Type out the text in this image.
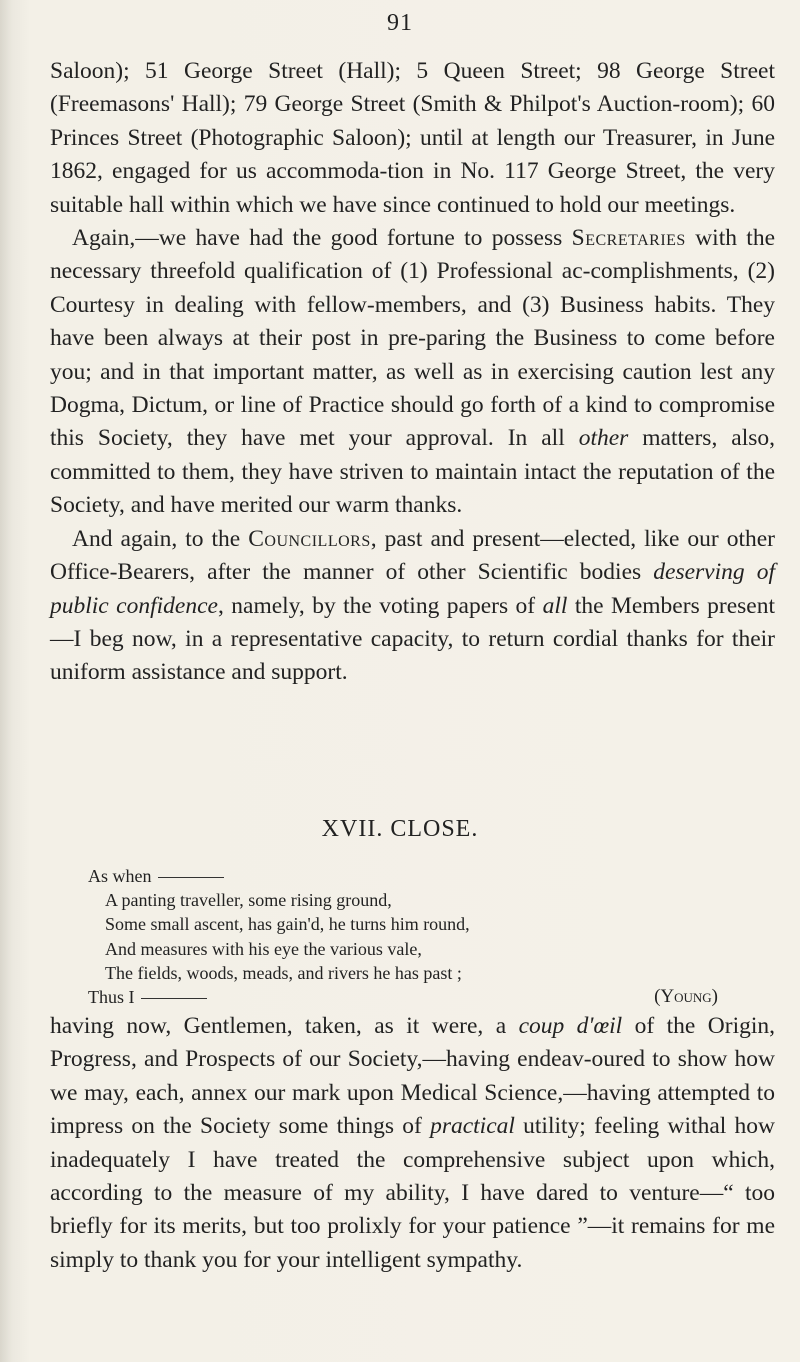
91

Saloon); 51 George Street (Hall); 5 Queen Street; 98 George Street (Freemasons' Hall); 79 George Street (Smith & Philpot's Auction-room); 60 Princes Street (Photographic Saloon); until at length our Treasurer, in June 1862, engaged for us accommoda-tion in No. 117 George Street, the very suitable hall within which we have since continued to hold our meetings.

Again,—we have had the good fortune to possess Secretaries with the necessary threefold qualification of (1) Professional ac-complishments, (2) Courtesy in dealing with fellow-members, and (3) Business habits. They have been always at their post in pre-paring the Business to come before you; and in that important matter, as well as in exercising caution lest any Dogma, Dictum, or line of Practice should go forth of a kind to compromise this Society, they have met your approval. In all other matters, also, committed to them, they have striven to maintain intact the reputation of the Society, and have merited our warm thanks.

And again, to the Councillors, past and present—elected, like our other Office-Bearers, after the manner of other Scientific bodies deserving of public confidence, namely, by the voting papers of all the Members present—I beg now, in a representative capacity, to return cordial thanks for their uniform assistance and support.

XVII. CLOSE.
As when
A panting traveller, some rising ground,
Some small ascent, has gain'd, he turns him round,
And measures with his eye the various vale,
The fields, woods, meads, and rivers he has past ;
Thus I	(Young)

having now, Gentlemen, taken, as it were, a coup d'œil of the Origin, Progress, and Prospects of our Society,—having endeav-oured to show how we may, each, annex our mark upon Medical Science,—having attempted to impress on the Society some things of practical utility; feeling withal how inadequately I have treated the comprehensive subject upon which, according to the measure of my ability, I have dared to venture—“ too briefly for its merits, but too prolixly for your patience ”—it remains for me simply to thank you for your intelligent sympathy.
